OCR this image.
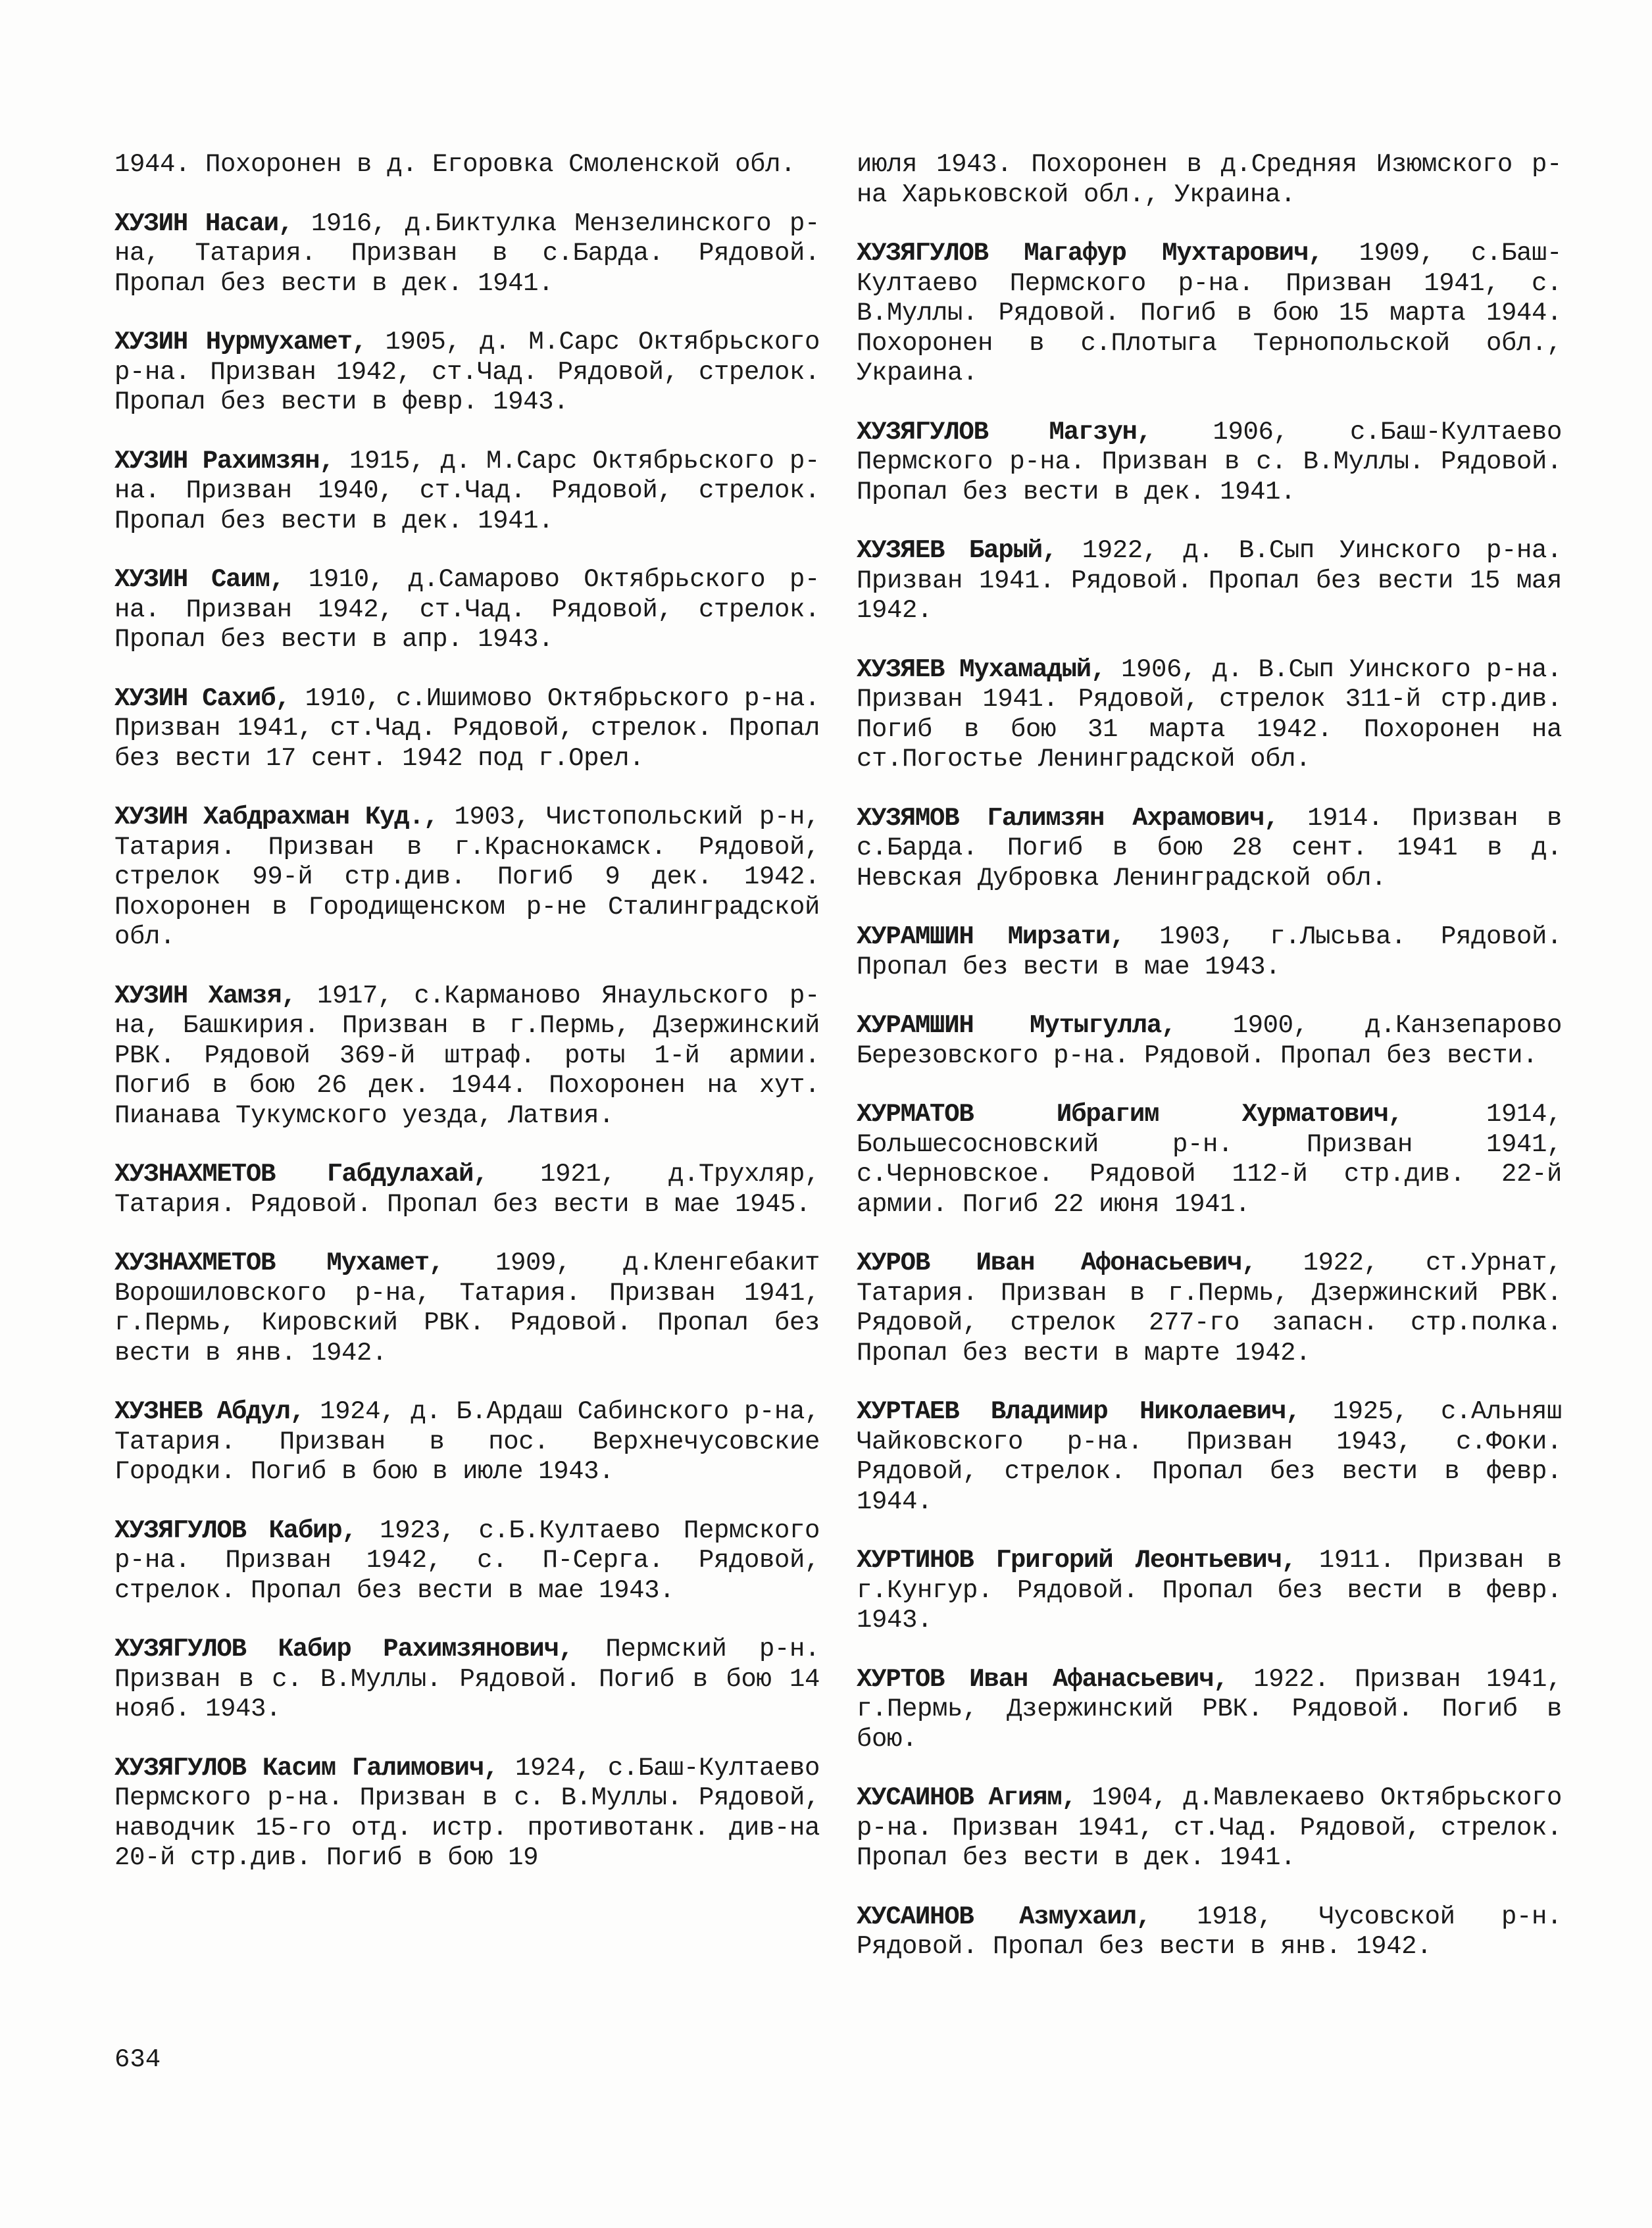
1944. Похоронен в д. Егоровка Смоленской обл.

ХУЗИН Насаи, 1916, д.Биктулка Мензелинского р-на, Татария. Призван в с.Барда. Рядовой. Пропал без вести в дек. 1941.

ХУЗИН Нурмухамет, 1905, д. М.Сарс Октябрьского р-на. Призван 1942, ст.Чад. Рядовой, стрелок. Пропал без вести в февр. 1943.

ХУЗИН Рахимзян, 1915, д. М.Сарс Октябрьского р-на. Призван 1940, ст.Чад. Рядовой, стрелок. Пропал без вести в дек. 1941.

ХУЗИН Саим, 1910, д.Самарово Октябрьского р-на. Призван 1942, ст.Чад. Рядовой, стрелок. Пропал без вести в апр. 1943.

ХУЗИН Сахиб, 1910, с.Ишимово Октябрьского р-на. Призван 1941, ст.Чад. Рядовой, стрелок. Пропал без вести 17 сент. 1942 под г.Орел.

ХУЗИН Хабдрахман Куд., 1903, Чистопольский р-н, Татария. Призван в г.Краснокамск. Рядовой, стрелок 99-й стр.див. Погиб 9 дек. 1942. Похоронен в Городищенском р-не Сталинградской обл.

ХУЗИН Хамзя, 1917, с.Карманово Янаульского р-на, Башкирия. Призван в г.Пермь, Дзержинский РВК. Рядовой 369-й штраф. роты 1-й армии. Погиб в бою 26 дек. 1944. Похоронен на хут. Пианава Тукумского уезда, Латвия.

ХУЗНАХМЕТОВ Габдулахай, 1921, д.Трухляр, Татария. Рядовой. Пропал без вести в мае 1945.

ХУЗНАХМЕТОВ Мухамет, 1909, д.Кленгебакит Ворошиловского р-на, Татария. Призван 1941, г.Пермь, Кировский РВК. Рядовой. Пропал без вести в янв. 1942.

ХУЗНЕВ Абдул, 1924, д. Б.Ардаш Сабинского р-на, Татария. Призван в пос. Верхнечусовские Городки. Погиб в бою в июле 1943.

ХУЗЯГУЛОВ Кабир, 1923, с.Б.Култаево Пермского р-на. Призван 1942, с. П-Серга. Рядовой, стрелок. Пропал без вести в мае 1943.

ХУЗЯГУЛОВ Кабир Рахимзянович, Пермский р-н. Призван в с. В.Муллы. Рядовой. Погиб в бою 14 нояб. 1943.

ХУЗЯГУЛОВ Касим Галимович, 1924, с.Баш-Култаево Пермского р-на. Призван в с. В.Муллы. Рядовой, наводчик 15-го отд. истр. противотанк. див-на 20-й стр.див. Погиб в бою 19

июля 1943. Похоронен в д.Средняя Изюмского р-на Харьковской обл., Украина.

ХУЗЯГУЛОВ Магафур Мухтарович, 1909, с.Баш-Култаево Пермского р-на. Призван 1941, с. В.Муллы. Рядовой. Погиб в бою 15 марта 1944. Похоронен в с.Плотыга Тернопольской обл., Украина.

ХУЗЯГУЛОВ Магзун, 1906, с.Баш-Култаево Пермского р-на. Призван в с. В.Муллы. Рядовой. Пропал без вести в дек. 1941.

ХУЗЯЕВ Барый, 1922, д. В.Сып Уинского р-на. Призван 1941. Рядовой. Пропал без вести 15 мая 1942.

ХУЗЯЕВ Мухамадый, 1906, д. В.Сып Уинского р-на. Призван 1941. Рядовой, стрелок 311-й стр.див. Погиб в бою 31 марта 1942. Похоронен на ст.Погостье Ленинградской обл.

ХУЗЯМОВ Галимзян Ахрамович, 1914. Призван в с.Барда. Погиб в бою 28 сент. 1941 в д. Невская Дубровка Ленинградской обл.

ХУРАМШИН Мирзати, 1903, г.Лысьва. Рядовой. Пропал без вести в мае 1943.

ХУРАМШИН Мутыгулла, 1900, д.Канзепарово Березовского р-на. Рядовой. Пропал без вести.

ХУРМАТОВ Ибрагим Хурматович, 1914, Большесосновский р-н. Призван 1941, с.Черновское. Рядовой 112-й стр.див. 22-й армии. Погиб 22 июня 1941.

ХУРОВ Иван Афонасьевич, 1922, ст.Урнат, Татария. Призван в г.Пермь, Дзержинский РВК. Рядовой, стрелок 277-го запасн. стр.полка. Пропал без вести в марте 1942.

ХУРТАЕВ Владимир Николаевич, 1925, с.Альняш Чайковского р-на. Призван 1943, с.Фоки. Рядовой, стрелок. Пропал без вести в февр. 1944.

ХУРТИНОВ Григорий Леонтьевич, 1911. Призван в г.Кунгур. Рядовой. Пропал без вести в февр. 1943.

ХУРТОВ Иван Афанасьевич, 1922. Призван 1941, г.Пермь, Дзержинский РВК. Рядовой. Погиб в бою.

ХУСАИНОВ Агиям, 1904, д.Мавлекаево Октябрьского р-на. Призван 1941, ст.Чад. Рядовой, стрелок. Пропал без вести в дек. 1941.

ХУСАИНОВ Азмухаил, 1918, Чусовской р-н. Рядовой. Пропал без вести в янв. 1942.

634
